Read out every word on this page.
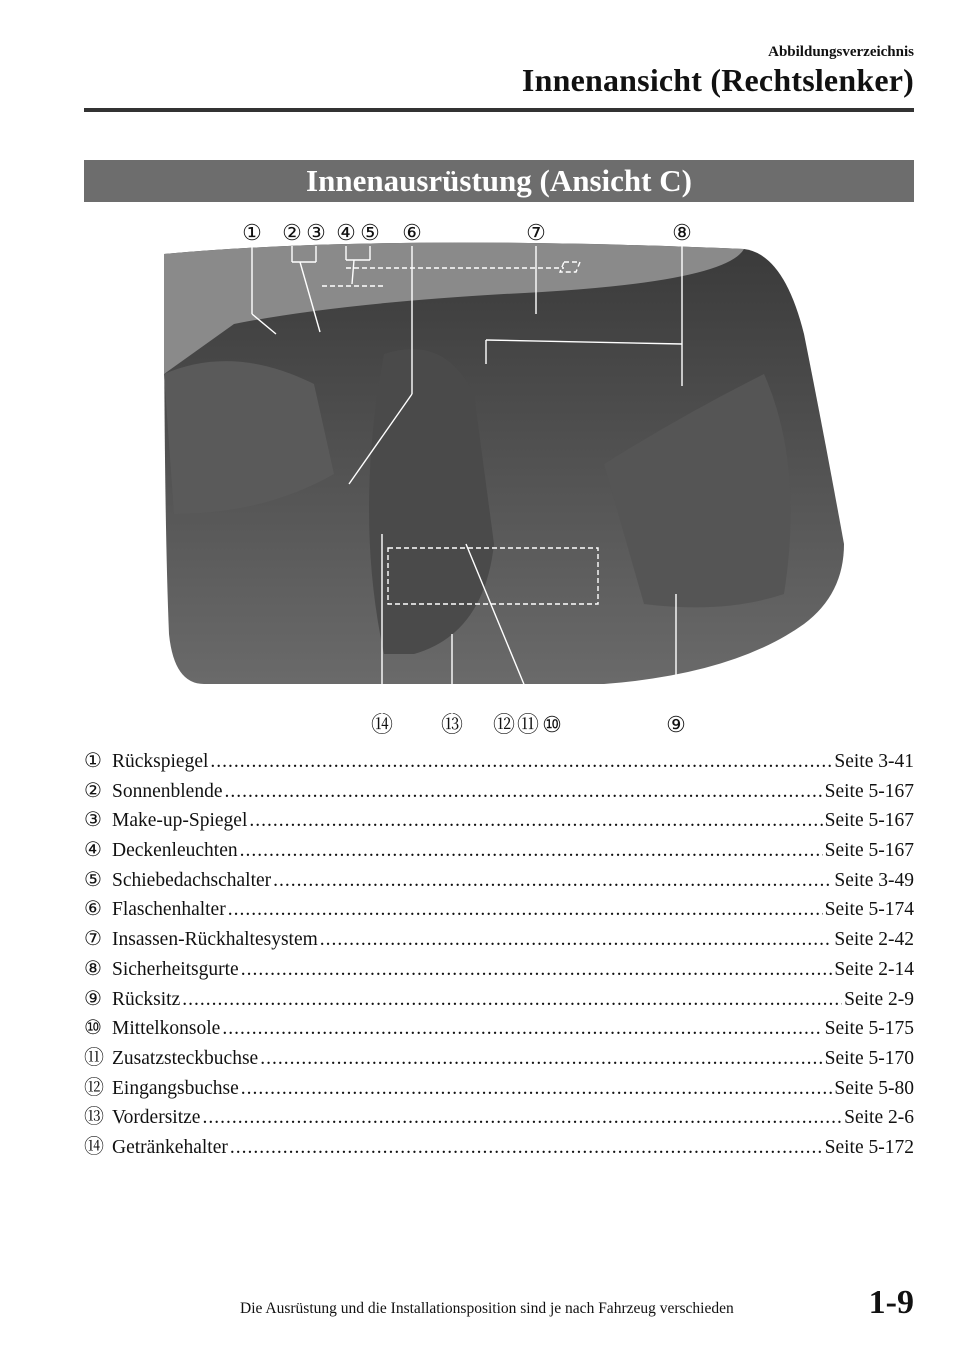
Abbildungsverzeichnis
Innenansicht (Rechtslenker)
Innenausrüstung (Ansicht C)
① ② ③ ④ ⑤ ⑥	⑦	⑧
⑭ ⑬ ⑫ ⑪ ⑩	⑨
① Rückspiegel .....	Seite 3-41
② Sonnenblende .....	Seite 5-167
③ Make-up-Spiegel .....	Seite 5-167
④ Deckenleuchten .....	Seite 5-167
⑤ Schiebedachschalter .....	Seite 3-49
⑥ Flaschenhalter .....	Seite 5-174
⑦ Insassen-Rückhaltesystem .....	Seite 2-42
⑧ Sicherheitsgurte .....	Seite 2-14
⑨ Rücksitz .....	Seite 2-9
⑩ Mittelkonsole .....	Seite 5-175
⑪ Zusatzsteckbuchse .....	Seite 5-170
⑫ Eingangsbuchse .....	Seite 5-80
⑬ Vordersitze .....	Seite 2-6
⑭ Getränkehalter .....	Seite 5-172
Die Ausrüstung und die Installationsposition sind je nach Fahrzeug verschieden	1-9
